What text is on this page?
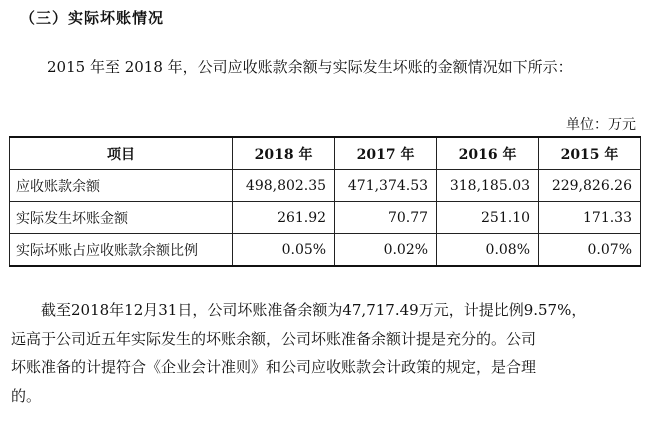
（三）实际坏账情况
2015 年至 2018 年，公司应收账款余额与实际发生坏账的金额情况如下所示：
单位：万元
项目	2018 年	2017 年	2016 年	2015 年
应收账款余额	498,802.35	471,374.53	318,185.03	229,826.26
实际发生坏账金额	261.92	70.77	251.10	171.33
实际坏账占应收账款余额比例	0.05%	0.02%	0.08%	0.07%
截至2018年12月31日，公司坏账准备余额为47,717.49万元，计提比例9.57%，
远高于公司近五年实际发生的坏账余额，公司坏账准备余额计提是充分的。公司
坏账准备的计提符合《企业会计准则》和公司应收账款会计政策的规定，是合理
的。
